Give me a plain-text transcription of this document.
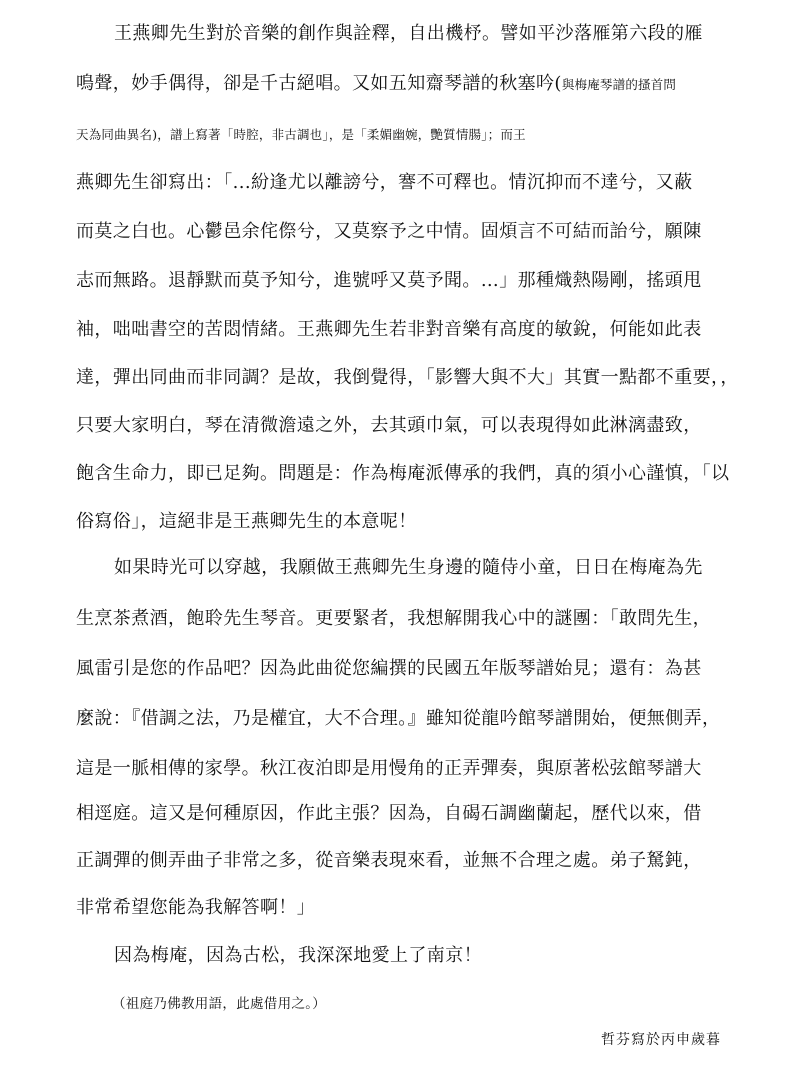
王燕卿先生對於音樂的創作與詮釋，自出機杼。譬如平沙落雁第六段的雁
鳴聲，妙手偶得，卻是千古絕唱。又如五知齋琴譜的秋塞吟(與梅庵琴譜的搔首問
天為同曲異名)，譜上寫著「時腔，非古調也」，是「柔媚幽婉，艷質情腸」；而王
燕卿先生卻寫出：「...紛逢尤以離謗兮，謇不可釋也。情沉抑而不達兮，又蔽
而莫之白也。心鬱邑余侘傺兮，又莫察予之中情。固煩言不可結而詒兮，願陳
志而無路。退靜默而莫予知兮，進號呼又莫予聞。…」那種熾熱陽剛，搖頭甩
袖，咄咄書空的苦悶情緒。王燕卿先生若非對音樂有高度的敏銳，何能如此表
達，彈出同曲而非同調？是故，我倒覺得，「影響大與不大」其實一點都不重要，，
只要大家明白，琴在清微澹遠之外，去其頭巾氣，可以表現得如此淋漓盡致，
飽含生命力，即已足夠。問題是：作為梅庵派傳承的我們，真的須小心謹慎，「以
俗寫俗」，這絕非是王燕卿先生的本意呢！
如果時光可以穿越，我願做王燕卿先生身邊的隨侍小童，日日在梅庵為先
生烹茶煮酒，飽聆先生琴音。更要緊者，我想解開我心中的謎團：「敢問先生，
風雷引是您的作品吧？因為此曲從您編撰的民國五年版琴譜始見；還有：為甚
麼說：『借調之法，乃是權宜，大不合理。』雖知從龍吟館琴譜開始，便無側弄，
這是一脈相傳的家學。秋江夜泊即是用慢角的正弄彈奏，與原著松弦館琴譜大
相逕庭。這又是何種原因，作此主張？因為，自碣石調幽蘭起，歷代以來，借
正調彈的側弄曲子非常之多，從音樂表現來看，並無不合理之處。弟子駑鈍，
非常希望您能為我解答啊！」
因為梅庵，因為古松，我深深地愛上了南京！
（祖庭乃佛教用語，此處借用之。）
哲芬寫於丙申歲暮
